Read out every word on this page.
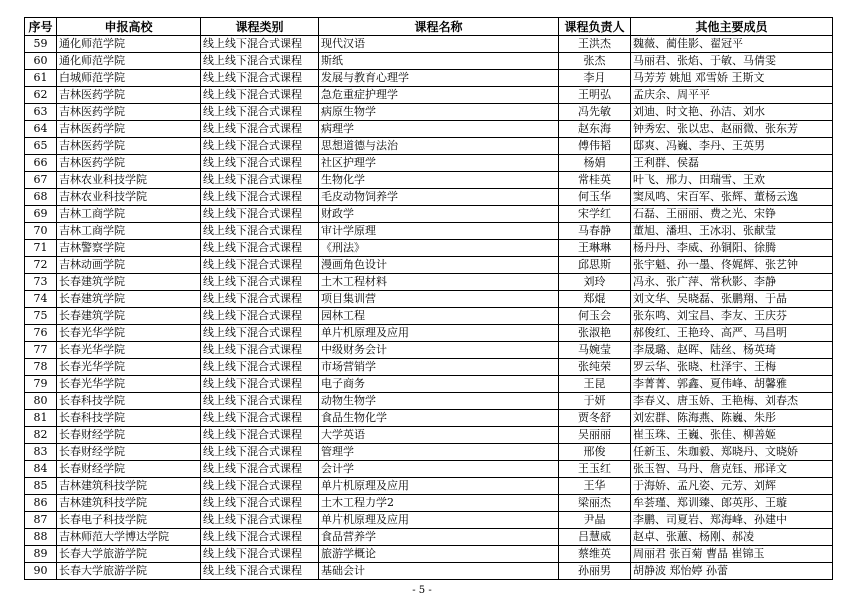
序号	申报高校	课程类别	课程名称	课程负责人	其他主要成员
59	通化师范学院	线上线下混合式课程	现代汉语	王洪杰	魏薇、蔺佳影、翟冠平
60	通化师范学院	线上线下混合式课程	斯纸	张杰	马丽君、张焰、于敏、马倩雯
61	白城师范学院	线上线下混合式课程	发展与教育心理学	李月	马芳芳 姚旭 邓雪娇 王斯文
62	吉林医药学院	线上线下混合式课程	急危重症护理学	王明弘	孟庆余、周平平
63	吉林医药学院	线上线下混合式课程	病原生物学	冯先敏	刘迪、时文艳、孙洁、刘水
64	吉林医药学院	线上线下混合式课程	病理学	赵东海	钟秀宏、张以忠、赵丽微、张东芳
65	吉林医药学院	线上线下混合式课程	思想道德与法治	傅伟韬	邸爽、冯巍、李丹、王英男
66	吉林医药学院	线上线下混合式课程	社区护理学	杨娟	王利群、侯磊
67	吉林农业科技学院	线上线下混合式课程	生物化学	常桂英	叶飞、邢力、田瑞雪、王欢
68	吉林农业科技学院	线上线下混合式课程	毛皮动物饲养学	何玉华	窦凤鸣、宋百军、张辉、董杨云逸
69	吉林工商学院	线上线下混合式课程	财政学	宋学红	石磊、王丽丽、费之光、宋铮
70	吉林工商学院	线上线下混合式课程	审计学原理	马春静	董旭、潘坦、王冰羽、张献莹
71	吉林警察学院	线上线下混合式课程	《刑法》	王琳琳	杨丹丹、李威、孙铜阳、徐腾
72	吉林动画学院	线上线下混合式课程	漫画角色设计	邱思斯	张宇魁、孙一墨、佟娓辉、张艺钟
73	长春建筑学院	线上线下混合式课程	土木工程材料	刘玲	冯永、张广萍、常秋影、李静
74	长春建筑学院	线上线下混合式课程	项目集训营	郑焜	刘文华、吴晓磊、张鹏翔、于晶
75	长春建筑学院	线上线下混合式课程	园林工程	何玉会	张东鸣、刘宝昌、李友、王庆芬
76	长春光华学院	线上线下混合式课程	单片机原理及应用	张淑艳	郝俊红、王艳玲、高严、马昌明
77	长春光华学院	线上线下混合式课程	中级财务会计	马婉莹	李晟璐、赵晖、陆丝、杨英琦
78	长春光华学院	线上线下混合式课程	市场营销学	张纯荣	罗云华、张晓、杜泽宇、王梅
79	长春光华学院	线上线下混合式课程	电子商务	王昆	李菁菁、郭鑫、夏伟峰、胡馨雅
80	长春科技学院	线上线下混合式课程	动物生物学	于妍	李春义、唐玉娇、王艳梅、刘春杰
81	长春科技学院	线上线下混合式课程	食品生物化学	贾冬舒	刘宏群、陈海燕、陈巍、朱彤
82	长春财经学院	线上线下混合式课程	大学英语	吴丽丽	崔玉珠、王巍、张佳、柳善姬
83	长春财经学院	线上线下混合式课程	管理学	邢俊	任新玉、朱珈毅、郑晓丹、文晓娇
84	长春财经学院	线上线下混合式课程	会计学	王玉红	张玉智、马丹、詹克钰、邢译文
85	吉林建筑科技学院	线上线下混合式课程	单片机原理及应用	王华	于海娇、孟凡姿、元芳、刘辉
86	吉林建筑科技学院	线上线下混合式课程	土木工程力学2	梁丽杰	牟荟瑾、郑训臻、郎英彤、王璇
87	长春电子科技学院	线上线下混合式课程	单片机原理及应用	尹晶	李鹏、司夏岩、郑海峰、孙建中
88	吉林师范大学博达学院	线上线下混合式课程	食品营养学	吕慧威	赵卓、张蕙、杨刚、郝凌
89	长春大学旅游学院	线上线下混合式课程	旅游学概论	蔡维英	周丽君 张百菊 曹晶 崔锦玉
90	长春大学旅游学院	线上线下混合式课程	基础会计	孙丽男	胡静波 郑怡婷 孙蕾
- 5 -
